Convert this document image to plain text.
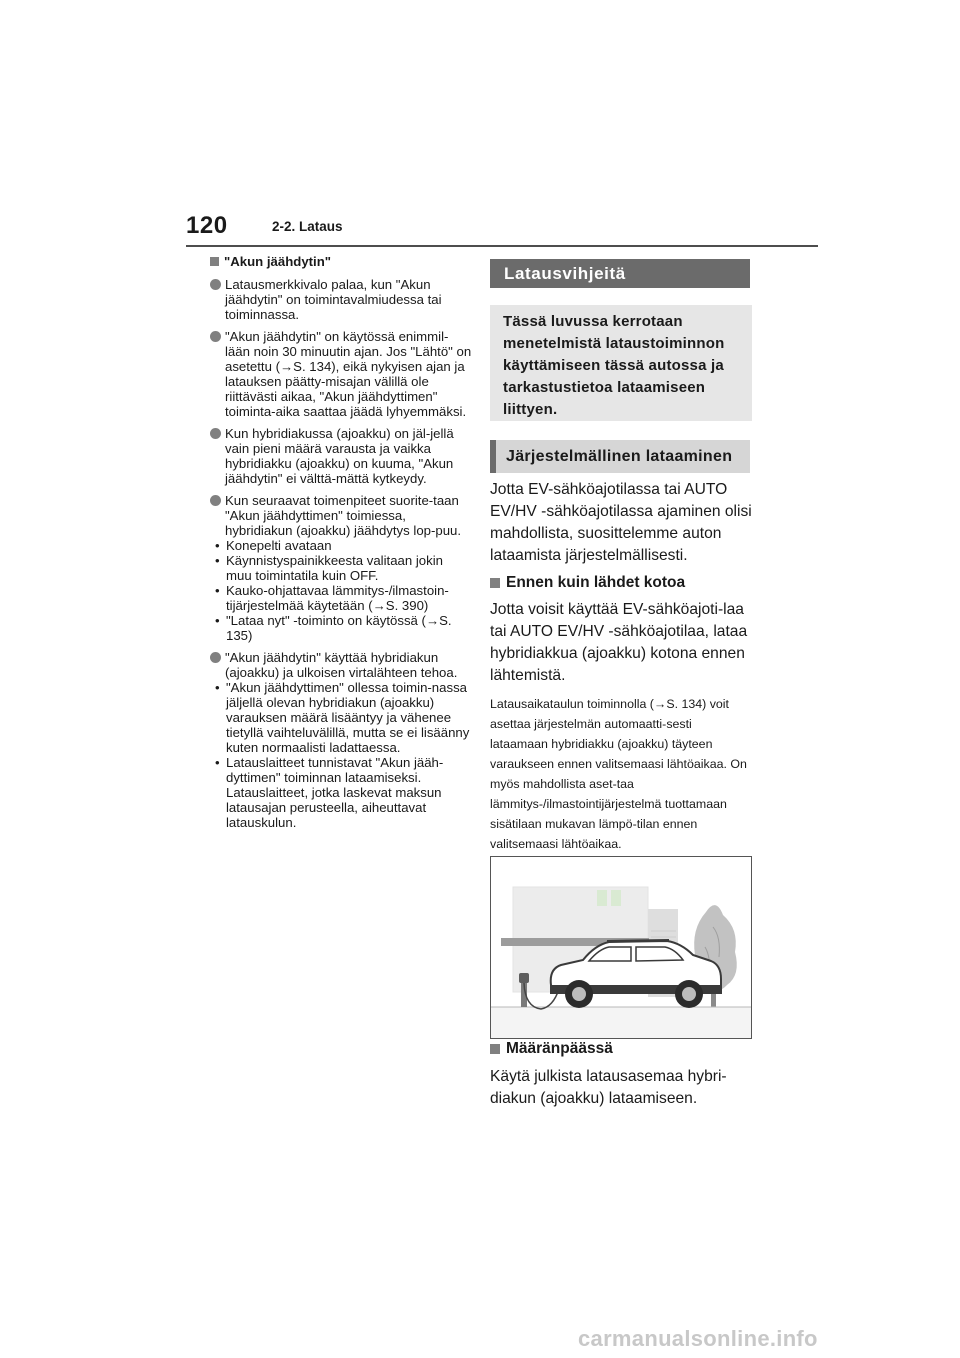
120	2-2. Lataus
"Akun jäähdytin"
Latausmerkkivalo palaa, kun "Akun jäähdytin" on toimintavalmiudessa tai toiminnassa.
"Akun jäähdytin" on käytössä enimmil-lään noin 30 minuutin ajan. Jos "Lähtö" on asetettu (→S. 134), eikä nykyisen ajan ja latauksen päätty-misajan välillä ole riittävästi aikaa, "Akun jäähdyttimen" toiminta-aika saattaa jäädä lyhyemmäksi.
Kun hybridiakussa (ajoakku) on jäl-jellä vain pieni määrä varausta ja vaikka hybridiakku (ajoakku) on kuuma, "Akun jäähdytin" ei välttä-mättä kytkeydy.
Kun seuraavat toimenpiteet suorite-taan "Akun jäähdyttimen" toimiessa, hybridiakun (ajoakku) jäähdytys lop-puu.
• Konepelti avataan
• Käynnistyspainikkeesta valitaan jokin muu toimintatila kuin OFF.
• Kauko-ohjattavaa lämmitys-/ilmastoin-tijärjestelmää käytetään (→S. 390)
• "Lataa nyt" -toiminto on käytössä (→S. 135)
"Akun jäähdytin" käyttää hybridiakun (ajoakku) ja ulkoisen virtalähteen tehoa.
• "Akun jäähdyttimen" ollessa toimin-nassa jäljellä olevan hybridiakun (ajoakku) varauksen määrä lisääntyy ja vähenee tietyllä vaihteluvälillä, mutta se ei lisäänny kuten normaalisti ladattaessa.
• Latauslaitteet tunnistavat "Akun jääh-dyttimen" toiminnan lataamiseksi. Latauslaitteet, jotka laskevat maksun latausajan perusteella, aiheuttavat latauskulun.
Latausvihjeitä
Tässä luvussa kerrotaan menetelmistä lataustoiminnon käyttämiseen tässä autossa ja tarkastustietoa lataamiseen liittyen.
Järjestelmällinen lataaminen
Jotta EV-sähköajotilassa tai AUTO EV/HV -sähköajotilassa ajaminen olisi mahdollista, suosittelemme auton lataamista järjestelmällisesti.
Ennen kuin lähdet kotoa
Jotta voisit käyttää EV-sähköajoti-laa tai AUTO EV/HV -sähköajotilaa, lataa hybridiakkua (ajoakku) kotona ennen lähtemistä.
Latausaikataulun toiminnolla (→S. 134) voit asettaa järjestelmän automaatti-sesti lataamaan hybridiakku (ajoakku) täyteen varaukseen ennen valitsemaasi lähtöaikaa. On myös mahdollista aset-taa lämmitys-/ilmastointijärjestelmä tuottamaan sisätilaan mukavan lämpö-tilan ennen valitsemaasi lähtöaikaa.
Määränpäässä
Käytä julkista latausasemaa hybri-diakun (ajoakku) lataamiseen.
carmanualsonline.info
